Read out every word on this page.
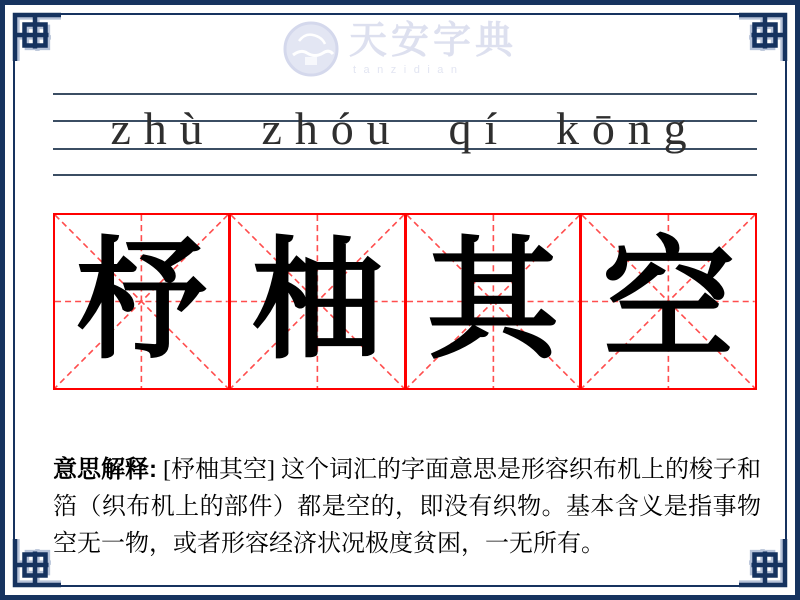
天安字典
tanzidian
zhù zhóu qí kōng
杼 柚 其 空
意思解释: [杼柚其空] 这个词汇的字面意思是形容织布机上的梭子和箔（织布机上的部件）都是空的，即没有织物。基本含义是指事物空无一物，或者形容经济状况极度贫困，一无所有。
